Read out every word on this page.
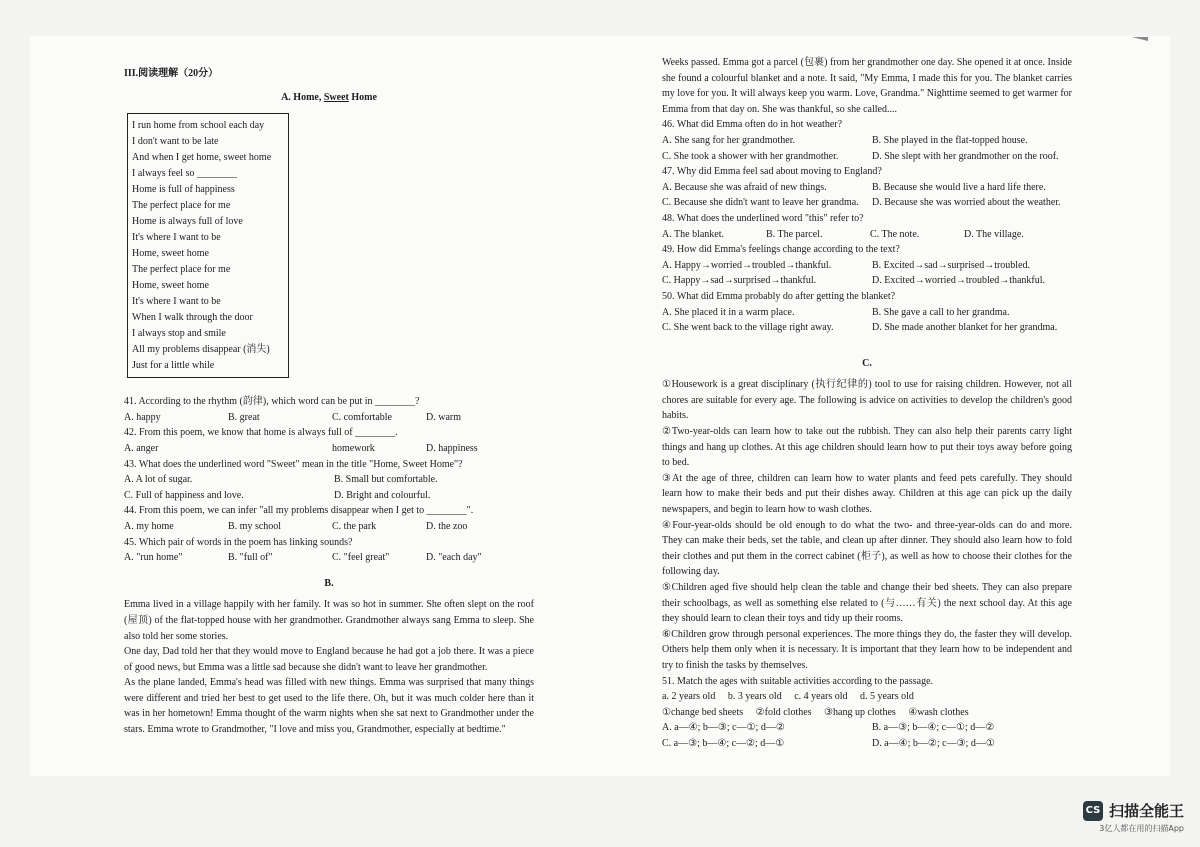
III.阅读理解（20分）
A. Home, Sweet Home
I run home from school each day
I don't want to be late
And when I get home, sweet home
I always feel so ________
Home is full of happiness
The perfect place for me
Home is always full of love
It's where I want to be
Home, sweet home
The perfect place for me
Home, sweet home
It's where I want to be
When I walk through the door
I always stop and smile
All my problems disappear (消失)
Just for a little while

41. According to the rhythm (韵律), which word can be put in ________?

A. happy	B. great	C. comfortable	D. warm

42. From this poem, we know that home is always full of ________.

A. anger	homework	D. happiness

43. What does the underlined word "Sweet" mean in the title "Home, Sweet Home"?

A. A lot of sugar.	B. Small but comfortable.
C. Full of happiness and love.	D. Bright and colourful.

44. From this poem, we can infer "all my problems disappear when I get to ________".

A. my home	B. my school	C. the park	D. the zoo

45. Which pair of words in the poem has linking sounds?

A. "run home"	B. "full of"	C. "feel great"	D. "each day"
B.

Emma lived in a village happily with her family. It was so hot in summer. She often slept on the roof (屋顶) of the flat-topped house with her grandmother. Grandmother always sang Emma to sleep. She also told her some stories.

One day, Dad told her that they would move to England because he had got a job there. It was a piece of good news, but Emma was a little sad because she didn't want to leave her grandmother.

As the plane landed, Emma's head was filled with new things. Emma was surprised that many things were different and tried her best to get used to the life there. Oh, but it was much colder here than it was in her hometown! Emma thought of the warm nights when she sat next to Grandmother under the stars. Emma wrote to Grandmother, "I love and miss you, Grandmother, especially at bedtime."

Weeks passed. Emma got a parcel (包裹) from her grandmother one day. She opened it at once. Inside she found a colourful blanket and a note. It said, "My Emma, I made this for you. The blanket carries my love for you. It will always keep you warm. Love, Grandma." Nighttime seemed to get warmer for Emma from that day on. She was thankful, so she called....

46. What did Emma often do in hot weather?

A. She sang for her grandmother.	B. She played in the flat-topped house.
C. She took a shower with her grandmother.	D. She slept with her grandmother on the roof.

47. Why did Emma feel sad about moving to England?

A. Because she was afraid of new things.	B. Because she would live a hard life there.
C. Because she didn't want to leave her grandma.	D. Because she was worried about the weather.

48. What does the underlined word "this" refer to?

A. The blanket.	B. The parcel.	C. The note.	D. The village.

49. How did Emma's feelings change according to the text?

A. Happy→worried→troubled→thankful.	B. Excited→sad→surprised→troubled.
C. Happy→sad→surprised→thankful.	D. Excited→worried→troubled→thankful.

50. What did Emma probably do after getting the blanket?

A. She placed it in a warm place.	B. She gave a call to her grandma.
C. She went back to the village right away.	D. She made another blanket for her grandma.
C.

①Housework is a great disciplinary (执行纪律的) tool to use for raising children. However, not all chores are suitable for every age. The following is advice on activities to develop the children's good habits.

②Two-year-olds can learn how to take out the rubbish. They can also help their parents carry light things and hang up clothes. At this age children should learn how to put their toys away before going to bed.

③At the age of three, children can learn how to water plants and feed pets carefully. They should learn how to make their beds and put their dishes away. Children at this age can pick up the daily newspapers, and begin to learn how to wash clothes.

④Four-year-olds should be old enough to do what the two- and three-year-olds can do and more. They can make their beds, set the table, and clean up after dinner. They should also learn how to fold their clothes and put them in the correct cabinet (柜子), as well as how to choose their clothes for the following day.

⑤Children aged five should help clean the table and change their bed sheets. They can also prepare their schoolbags, as well as something else related to (与……有关) the next school day. At this age they should learn to clean their toys and tidy up their rooms.

⑥Children grow through personal experiences. The more things they do, the faster they will develop. Others help them only when it is necessary. It is important that they learn how to be independent and try to finish the tasks by themselves.

51. Match the ages with suitable activities according to the passage.

a. 2 years old     b. 3 years old     c. 4 years old     d. 5 years old

①change bed sheets     ②fold clothes     ③hang up clothes     ④wash clothes

A. a—④; b—③; c—①; d—②	B. a—③; b—④; c—①; d—②
C. a—③; b—④; c—②; d—①	D. a—④; b—②; c—③; d—①
CS 扫描全能王
3亿人都在用的扫描App
